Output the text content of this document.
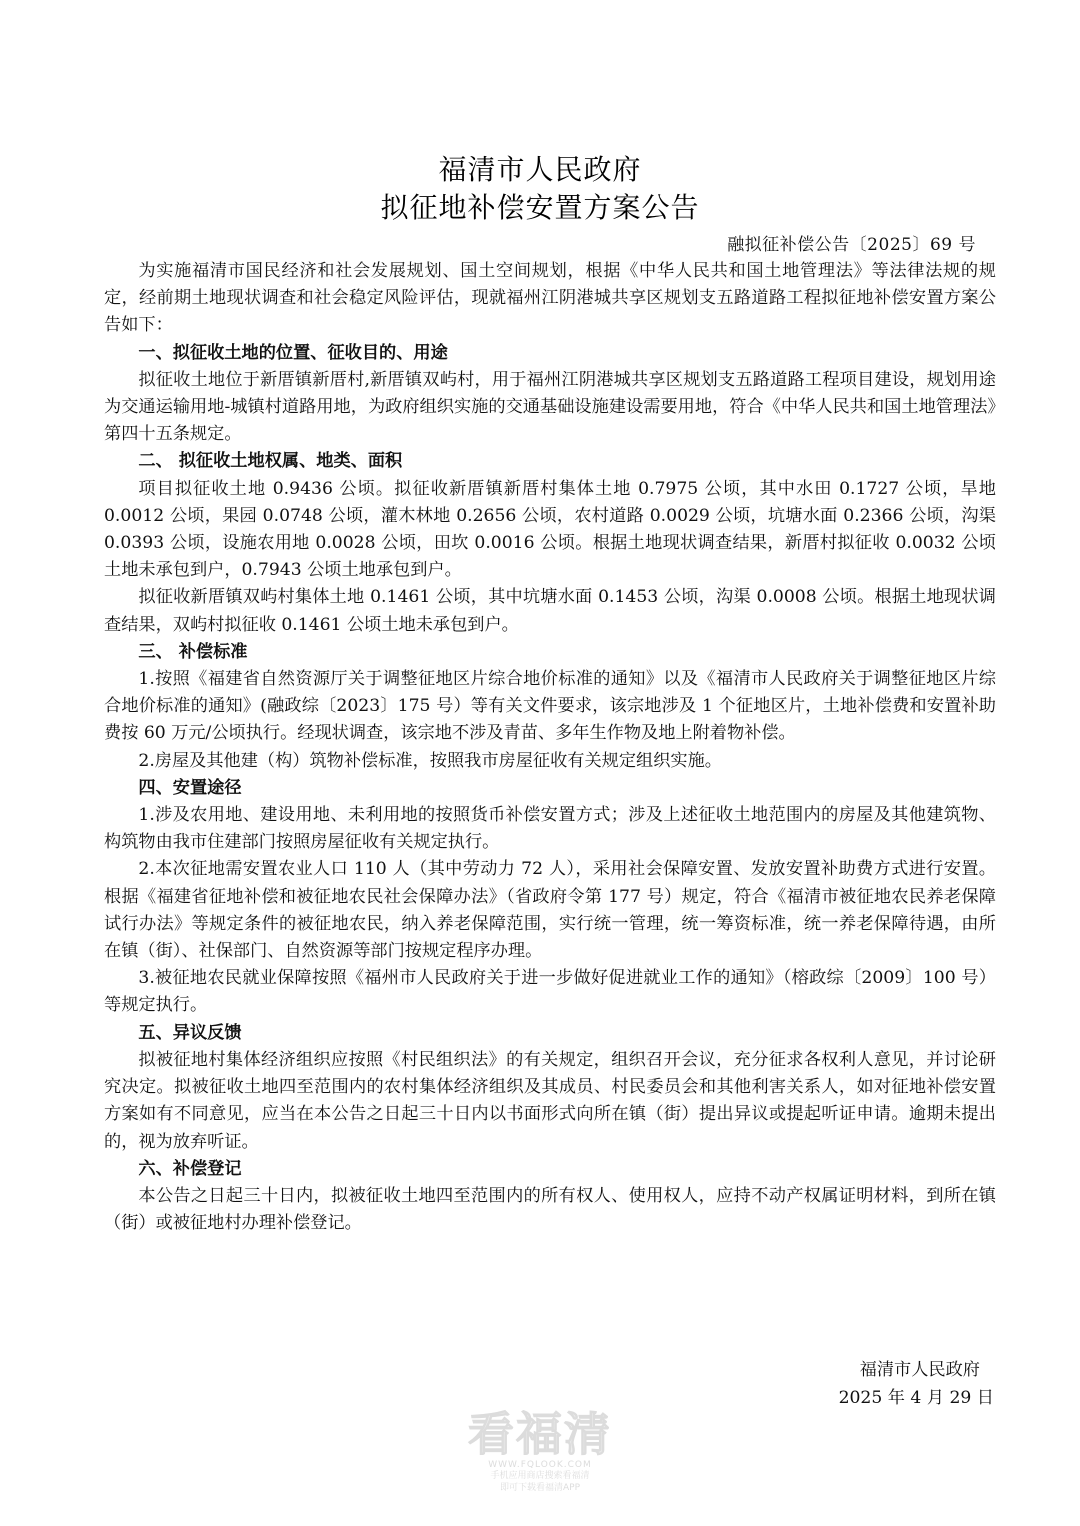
福清市人民政府
拟征地补偿安置方案公告
融拟征补偿公告〔2025〕69 号

为实施福清市国民经济和社会发展规划、国土空间规划，根据《中华人民共和国土地管理法》等法律法规的规定，经前期土地现状调查和社会稳定风险评估，现就福州江阴港城共享区规划支五路道路工程拟征地补偿安置方案公告如下：

一、拟征收土地的位置、征收目的、用途

拟征收土地位于新厝镇新厝村,新厝镇双屿村，用于福州江阴港城共享区规划支五路道路工程项目建设，规划用途为交通运输用地-城镇村道路用地，为政府组织实施的交通基础设施建设需要用地，符合《中华人民共和国土地管理法》第四十五条规定。

二、 拟征收土地权属、地类、面积

项目拟征收土地 0.9436 公顷。拟征收新厝镇新厝村集体土地 0.7975 公顷，其中水田 0.1727 公顷，旱地 0.0012 公顷，果园 0.0748 公顷，灌木林地 0.2656 公顷，农村道路 0.0029 公顷，坑塘水面 0.2366 公顷，沟渠 0.0393 公顷，设施农用地 0.0028 公顷，田坎 0.0016 公顷。根据土地现状调查结果，新厝村拟征收 0.0032 公顷土地未承包到户，0.7943 公顷土地承包到户。

拟征收新厝镇双屿村集体土地 0.1461 公顷，其中坑塘水面 0.1453 公顷，沟渠 0.0008 公顷。根据土地现状调查结果，双屿村拟征收 0.1461 公顷土地未承包到户。

三、 补偿标准

1.按照《福建省自然资源厅关于调整征地区片综合地价标准的通知》以及《福清市人民政府关于调整征地区片综合地价标准的通知》(融政综〔2023〕175 号）等有关文件要求，该宗地涉及 1 个征地区片，土地补偿费和安置补助费按 60 万元/公顷执行。经现状调查，该宗地不涉及青苗、多年生作物及地上附着物补偿。

2.房屋及其他建（构）筑物补偿标准，按照我市房屋征收有关规定组织实施。

四、安置途径

1.涉及农用地、建设用地、未利用地的按照货币补偿安置方式；涉及上述征收土地范围内的房屋及其他建筑物、构筑物由我市住建部门按照房屋征收有关规定执行。

2.本次征地需安置农业人口 110 人（其中劳动力 72 人），采用社会保障安置、发放安置补助费方式进行安置。根据《福建省征地补偿和被征地农民社会保障办法》（省政府令第 177 号）规定，符合《福清市被征地农民养老保障试行办法》等规定条件的被征地农民，纳入养老保障范围，实行统一管理，统一筹资标准，统一养老保障待遇，由所在镇（街）、社保部门、自然资源等部门按规定程序办理。

3.被征地农民就业保障按照《福州市人民政府关于进一步做好促进就业工作的通知》（榕政综〔2009〕100 号）等规定执行。

五、异议反馈

拟被征地村集体经济组织应按照《村民组织法》的有关规定，组织召开会议，充分征求各权利人意见，并讨论研究决定。拟被征收土地四至范围内的农村集体经济组织及其成员、村民委员会和其他利害关系人，如对征地补偿安置方案如有不同意见，应当在本公告之日起三十日内以书面形式向所在镇（街）提出异议或提起听证申请。逾期未提出的，视为放弃听证。

六、补偿登记

本公告之日起三十日内，拟被征收土地四至范围内的所有权人、使用权人，应持不动产权属证明材料，到所在镇（街）或被征地村办理补偿登记。

福清市人民政府
2025 年 4 月 29 日
看福清
WWW.FQLOOK.COM
手机应用商店搜索看福清
即可下载看福清APP
